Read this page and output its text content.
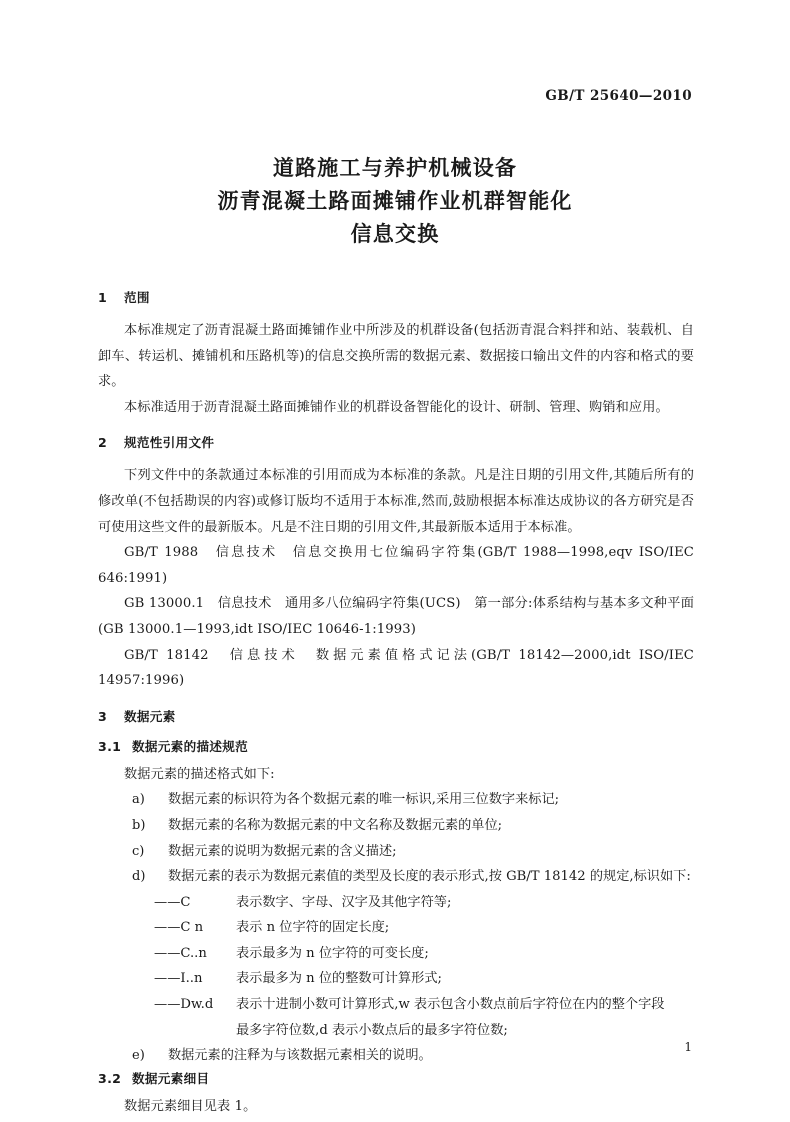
GB/T 25640—2010
道路施工与养护机械设备
沥青混凝土路面摊铺作业机群智能化
信息交换
1 范围

本标准规定了沥青混凝土路面摊铺作业中所涉及的机群设备(包括沥青混合料拌和站、装载机、自卸车、转运机、摊铺机和压路机等)的信息交换所需的数据元素、数据接口输出文件的内容和格式的要求。

本标准适用于沥青混凝土路面摊铺作业的机群设备智能化的设计、研制、管理、购销和应用。

2 规范性引用文件

下列文件中的条款通过本标准的引用而成为本标准的条款。凡是注日期的引用文件,其随后所有的修改单(不包括勘误的内容)或修订版均不适用于本标准,然而,鼓励根据本标准达成协议的各方研究是否可使用这些文件的最新版本。凡是不注日期的引用文件,其最新版本适用于本标准。

GB/T 1988　信息技术　信息交换用七位编码字符集(GB/T 1988—1998,eqv ISO/IEC 646:1991)

GB 13000.1　信息技术　通用多八位编码字符集(UCS)　第一部分:体系结构与基本多文种平面(GB 13000.1—1993,idt ISO/IEC 10646-1:1993)

GB/T 18142　信息技术　数据元素值格式记法(GB/T 18142—2000,idt ISO/IEC 14957:1996)

3 数据元素
3.1 数据元素的描述规范

数据元素的描述格式如下:

a) 数据元素的标识符为各个数据元素的唯一标识,采用三位数字来标记;
b) 数据元素的名称为数据元素的中文名称及数据元素的单位;
c) 数据元素的说明为数据元素的含义描述;
d) 数据元素的表示为数据元素值的类型及长度的表示形式,按 GB/T 18142 的规定,标识如下:
——C	表示数字、字母、汉字及其他字符等;
——C n 表示 n 位字符的固定长度;
——C..n 表示最多为 n 位字符的可变长度;
——I..n	表示最多为 n 位的整数可计算形式;
——Dw.d 表示十进制小数可计算形式,w 表示包含小数点前后字符位在内的整个字段
最多字符位数,d 表示小数点后的最多字符位数;
e) 数据元素的注释为与该数据元素相关的说明。
3.2 数据元素细目

数据元素细目见表 1。

1
